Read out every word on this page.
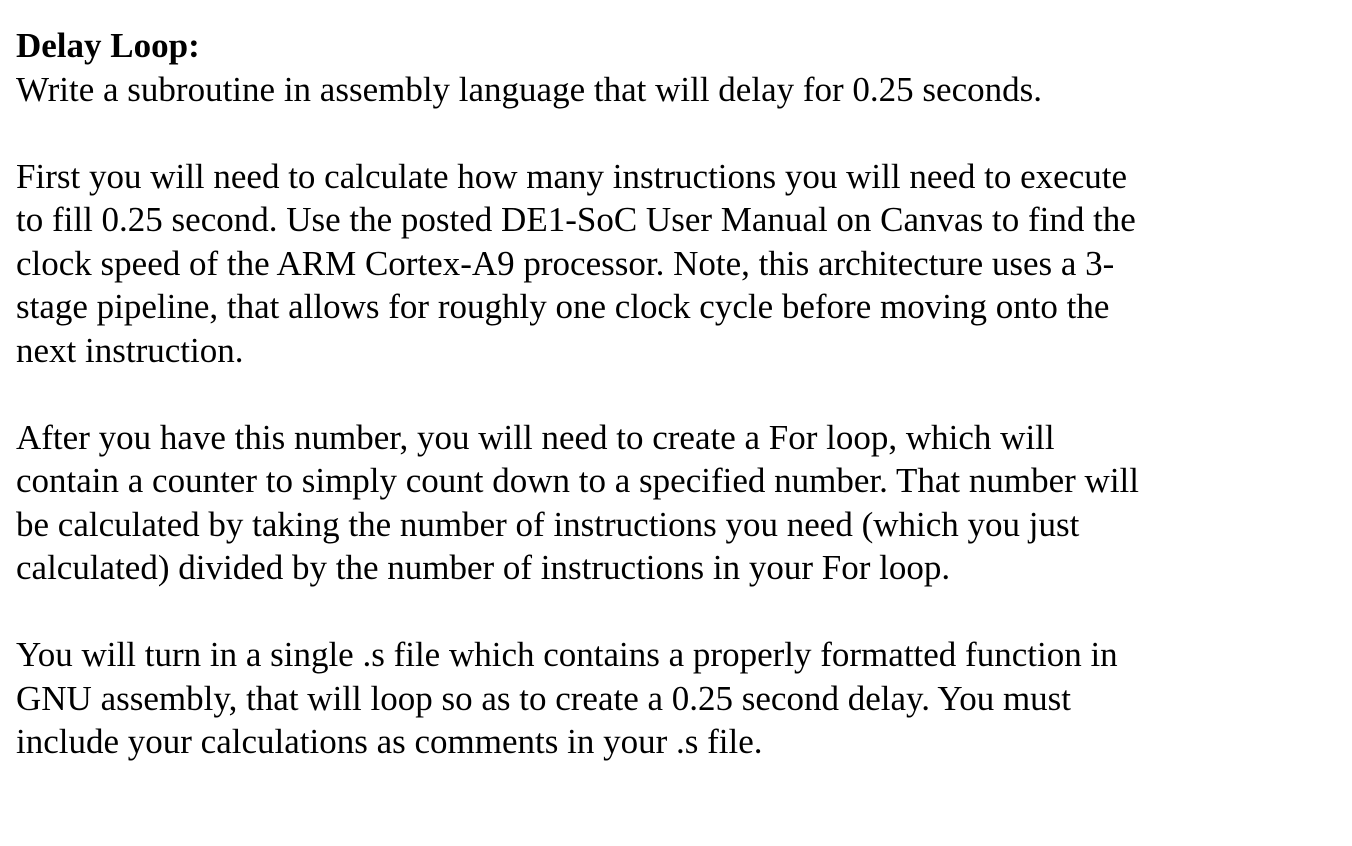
Delay Loop:

Write a subroutine in assembly language that will delay for 0.25 seconds.

First you will need to calculate how many instructions you will need to execute

to fill 0.25 second. Use the posted DE1-SoC User Manual on Canvas to find the

clock speed of the ARM Cortex-A9 processor. Note, this architecture uses a 3-

stage pipeline, that allows for roughly one clock cycle before moving onto the

next instruction.

After you have this number, you will need to create a For loop, which will

contain a counter to simply count down to a specified number. That number will

be calculated by taking the number of instructions you need (which you just

calculated) divided by the number of instructions in your For loop.

You will turn in a single .s file which contains a properly formatted function in

GNU assembly, that will loop so as to create a 0.25 second delay. You must

include your calculations as comments in your .s file.
